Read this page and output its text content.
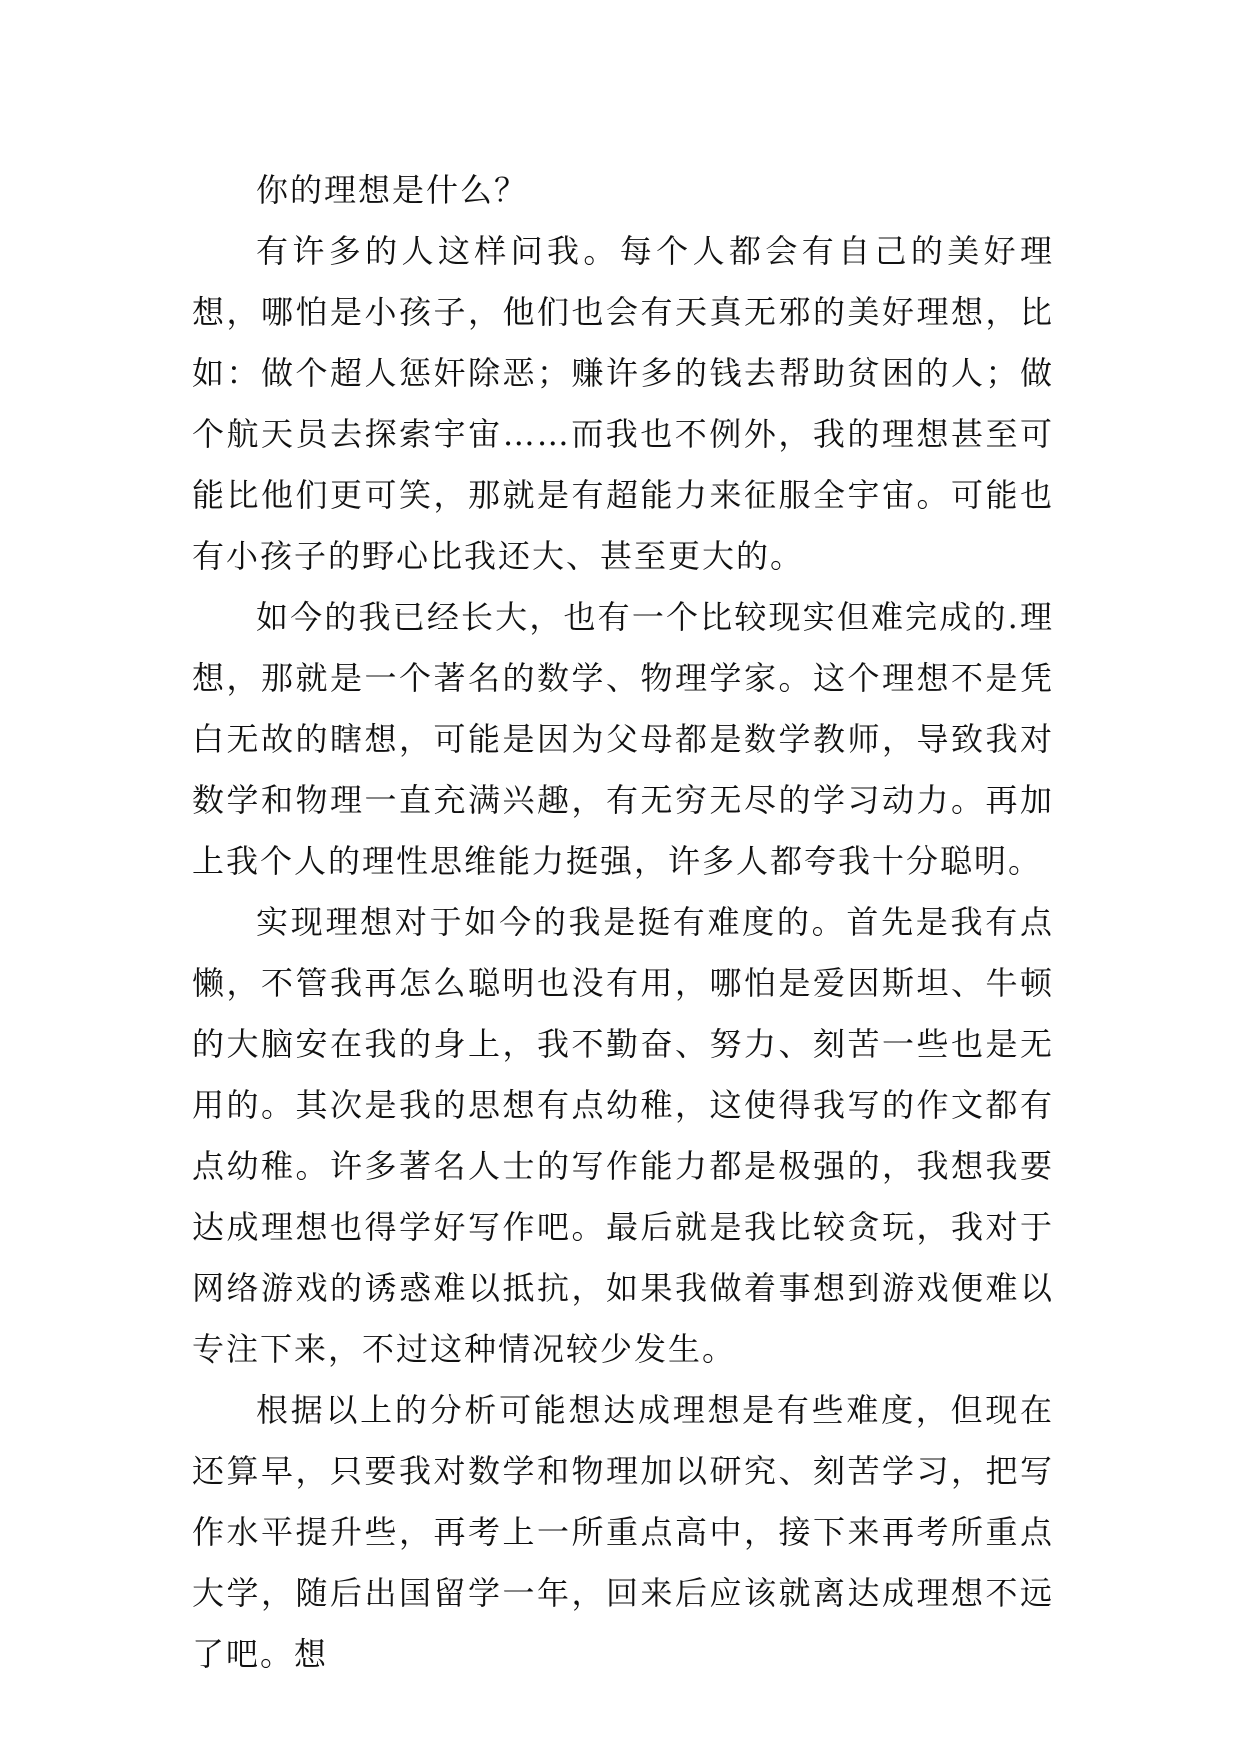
你的理想是什么？

有许多的人这样问我。每个人都会有自己的美好理想，哪怕是小孩子，他们也会有天真无邪的美好理想，比如：做个超人惩奸除恶；赚许多的钱去帮助贫困的人；做个航天员去探索宇宙……而我也不例外，我的理想甚至可能比他们更可笑，那就是有超能力来征服全宇宙。可能也有小孩子的野心比我还大、甚至更大的。

如今的我已经长大，也有一个比较现实但难完成的.理想，那就是一个著名的数学、物理学家。这个理想不是凭白无故的瞎想，可能是因为父母都是数学教师，导致我对数学和物理一直充满兴趣，有无穷无尽的学习动力。再加上我个人的理性思维能力挺强，许多人都夸我十分聪明。

实现理想对于如今的我是挺有难度的。首先是我有点懒，不管我再怎么聪明也没有用，哪怕是爱因斯坦、牛顿的大脑安在我的身上，我不勤奋、努力、刻苦一些也是无用的。其次是我的思想有点幼稚，这使得我写的作文都有点幼稚。许多著名人士的写作能力都是极强的，我想我要达成理想也得学好写作吧。最后就是我比较贪玩，我对于网络游戏的诱惑难以抵抗，如果我做着事想到游戏便难以专注下来，不过这种情况较少发生。

根据以上的分析可能想达成理想是有些难度，但现在还算早，只要我对数学和物理加以研究、刻苦学习，把写作水平提升些，再考上一所重点高中，接下来再考所重点大学，随后出国留学一年，回来后应该就离达成理想不远了吧。想
